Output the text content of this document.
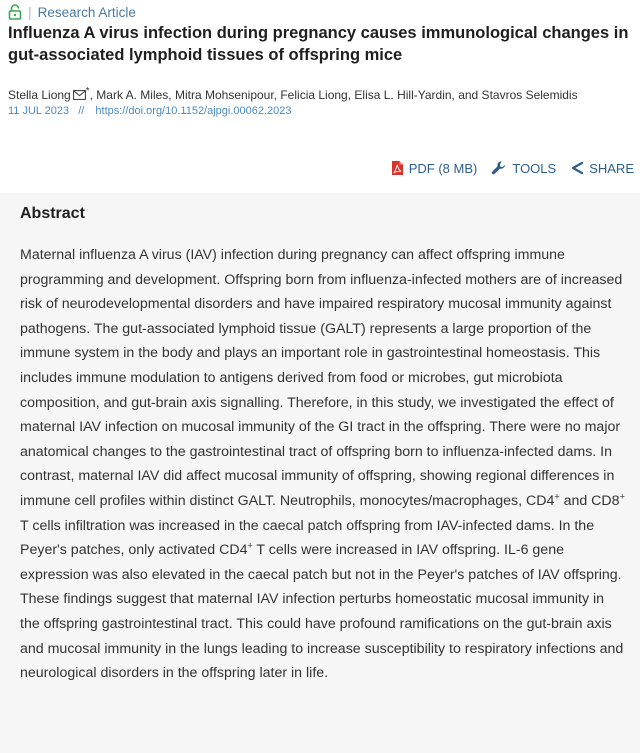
| Research Article
Influenza A virus infection during pregnancy causes immunological changes in gut-associated lymphoid tissues of offspring mice
Stella Liong *, Mark A. Miles, Mitra Mohsenipour, Felicia Liong, Elisa L. Hill-Yardin, and Stavros Selemidis
11 JUL 2023 // https://doi.org/10.1152/ajpgi.00062.2023
PDF (8 MB)	TOOLS	SHARE
Abstract

Maternal influenza A virus (IAV) infection during pregnancy can affect offspring immune programming and development. Offspring born from influenza-infected mothers are of increased risk of neurodevelopmental disorders and have impaired respiratory mucosal immunity against pathogens. The gut-associated lymphoid tissue (GALT) represents a large proportion of the immune system in the body and plays an important role in gastrointestinal homeostasis. This includes immune modulation to antigens derived from food or microbes, gut microbiota composition, and gut-brain axis signalling. Therefore, in this study, we investigated the effect of maternal IAV infection on mucosal immunity of the GI tract in the offspring. There were no major anatomical changes to the gastrointestinal tract of offspring born to influenza-infected dams. In contrast, maternal IAV did affect mucosal immunity of offspring, showing regional differences in immune cell profiles within distinct GALT. Neutrophils, monocytes/macrophages, CD4+ and CD8+ T cells infiltration was increased in the caecal patch offspring from IAV-infected dams. In the Peyer's patches, only activated CD4+ T cells were increased in IAV offspring. IL-6 gene expression was also elevated in the caecal patch but not in the Peyer's patches of IAV offspring. These findings suggest that maternal IAV infection perturbs homeostatic mucosal immunity in the offspring gastrointestinal tract. This could have profound ramifications on the gut-brain axis and mucosal immunity in the lungs leading to increase susceptibility to respiratory infections and neurological disorders in the offspring later in life.
